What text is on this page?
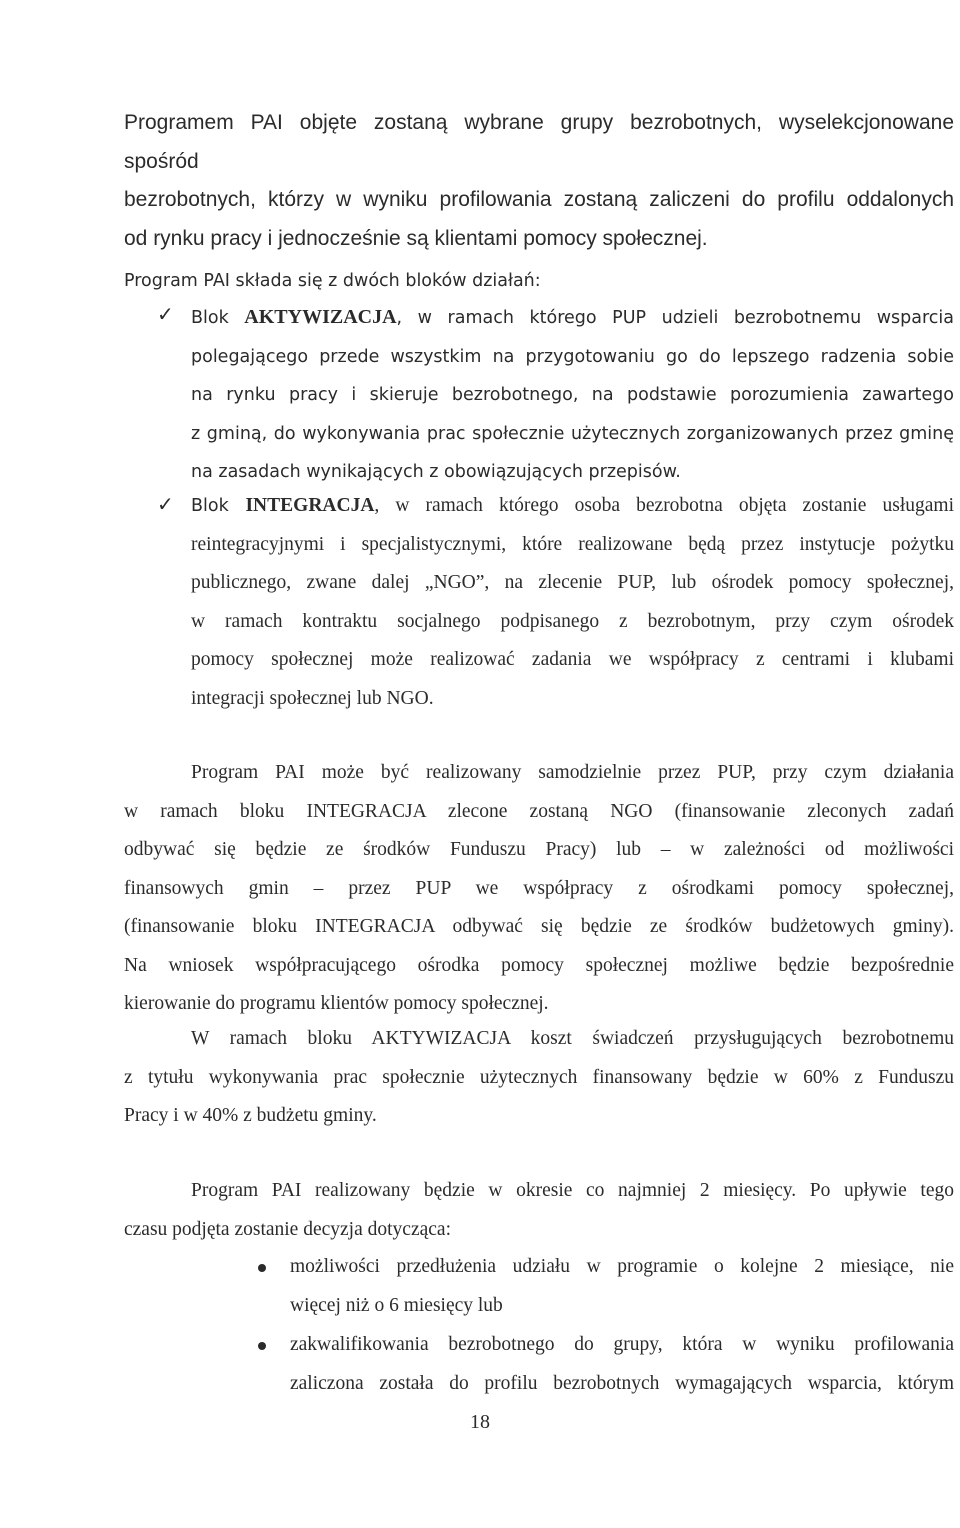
Programem PAI objęte zostaną wybrane grupy bezrobotnych, wyselekcjonowane spośród
bezrobotnych, którzy w wyniku profilowania zostaną zaliczeni do profilu oddalonych
od rynku pracy i jednocześnie są klientami pomocy społecznej.
Program PAI składa się z dwóch bloków działań:
✓ Blok AKTYWIZACJA, w ramach którego PUP udzieli bezrobotnemu wsparcia
polegającego przede wszystkim na przygotowaniu go do lepszego radzenia sobie
na rynku pracy i skieruje bezrobotnego, na podstawie porozumienia zawartego
z gminą, do wykonywania prac społecznie użytecznych zorganizowanych przez gminę
na zasadach wynikających z obowiązujących przepisów.
✓ Blok INTEGRACJA, w ramach którego osoba bezrobotna objęta zostanie usługami
reintegracyjnymi i specjalistycznymi, które realizowane będą przez instytucje pożytku
publicznego, zwane dalej „NGO”, na zlecenie PUP, lub ośrodek pomocy społecznej,
w ramach kontraktu socjalnego podpisanego z bezrobotnym, przy czym ośrodek
pomocy społecznej może realizować zadania we współpracy z centrami i klubami
integracji społecznej lub NGO.
Program PAI może być realizowany samodzielnie przez PUP, przy czym działania
w ramach bloku INTEGRACJA zlecone zostaną NGO (finansowanie zleconych zadań
odbywać się będzie ze środków Funduszu Pracy) lub – w zależności od możliwości
finansowych gmin – przez PUP we współpracy z ośrodkami pomocy społecznej,
(finansowanie bloku INTEGRACJA odbywać się będzie ze środków budżetowych gminy).
Na wniosek współpracującego ośrodka pomocy społecznej możliwe będzie bezpośrednie
kierowanie do programu klientów pomocy społecznej.
W ramach bloku AKTYWIZACJA koszt świadczeń przysługujących bezrobotnemu
z tytułu wykonywania prac społecznie użytecznych finansowany będzie w 60% z Funduszu
Pracy i w 40% z budżetu gminy.
Program PAI realizowany będzie w okresie co najmniej 2 miesięcy. Po upływie tego
czasu podjęta zostanie decyzja dotycząca:
możliwości przedłużenia udziału w programie o kolejne 2 miesiące, nie
więcej niż o 6 miesięcy lub
zakwalifikowania bezrobotnego do grupy, która w wyniku profilowania
zaliczona została do profilu bezrobotnych wymagających wsparcia, którym
18
